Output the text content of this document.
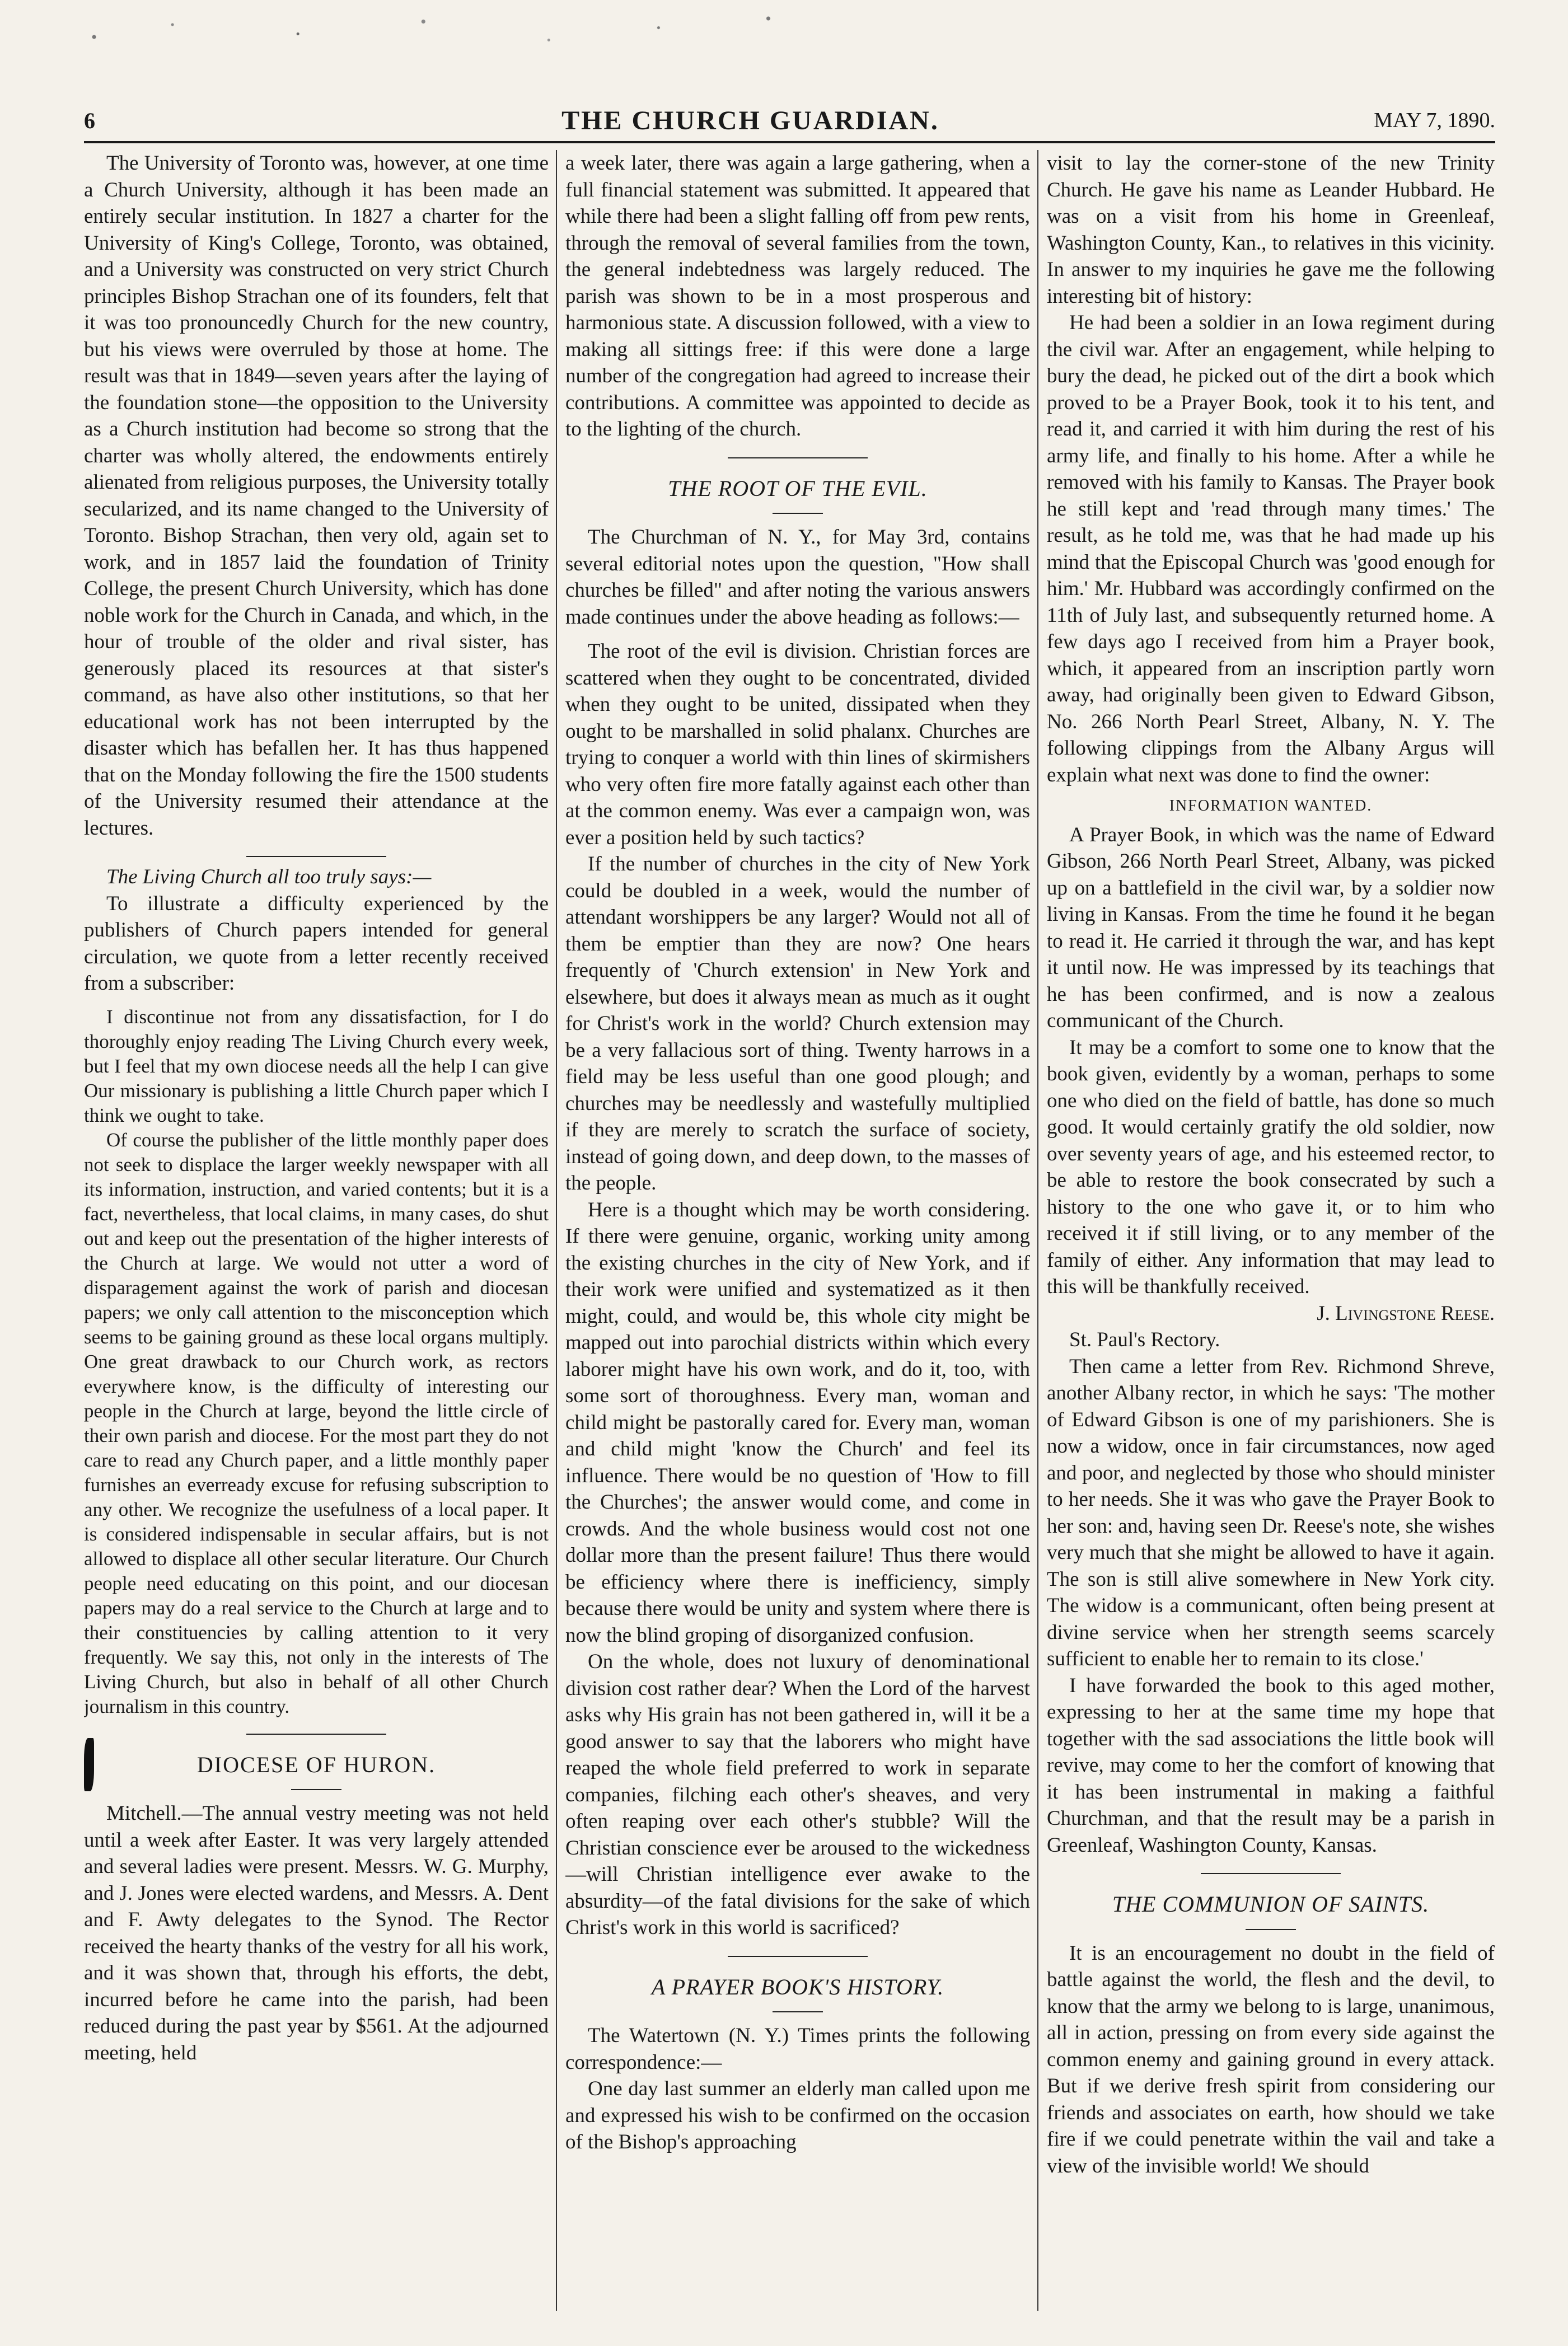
6	THE CHURCH GUARDIAN.	MAY 7, 1890.

The University of Toronto was, however, at one time a Church University, although it has been made an entirely secular institution. In 1827 a charter for the University of King's College, Toronto, was obtained, and a University was constructed on very strict Church principles Bishop Strachan one of its founders, felt that it was too pronouncedly Church for the new country, but his views were overruled by those at home. The result was that in 1849—seven years after the laying of the foundation stone—the opposition to the University as a Church institution had become so strong that the charter was wholly altered, the endowments entirely alienated from religious purposes, the University totally secularized, and its name changed to the University of Toronto. Bishop Strachan, then very old, again set to work, and in 1857 laid the foundation of Trinity College, the present Church University, which has done noble work for the Church in Canada, and which, in the hour of trouble of the older and rival sister, has generously placed its resources at that sister's command, as have also other institutions, so that her educational work has not been interrupted by the disaster which has befallen her. It has thus happened that on the Monday following the fire the 1500 students of the University resumed their attendance at the lectures.

The Living Church all too truly says:—

To illustrate a difficulty experienced by the publishers of Church papers intended for general circulation, we quote from a letter recently received from a subscriber:

I discontinue not from any dissatisfaction, for I do thoroughly enjoy reading The Living Church every week, but I feel that my own diocese needs all the help I can give Our missionary is publishing a little Church paper which I think we ought to take.

Of course the publisher of the little monthly paper does not seek to displace the larger weekly newspaper with all its information, instruction, and varied contents; but it is a fact, nevertheless, that local claims, in many cases, do shut out and keep out the presentation of the higher interests of the Church at large. We would not utter a word of disparagement against the work of parish and diocesan papers; we only call attention to the misconception which seems to be gaining ground as these local organs multiply. One great drawback to our Church work, as rectors everywhere know, is the difficulty of interesting our people in the Church at large, beyond the little circle of their own parish and diocese. For the most part they do not care to read any Church paper, and a little monthly paper furnishes an everready excuse for refusing subscription to any other. We recognize the usefulness of a local paper. It is considered indispensable in secular affairs, but is not allowed to displace all other secular literature. Our Church people need educating on this point, and our diocesan papers may do a real service to the Church at large and to their constituencies by calling attention to it very frequently. We say this, not only in the interests of The Living Church, but also in behalf of all other Church journalism in this country.

DIOCESE OF HURON.

Mitchell.—The annual vestry meeting was not held until a week after Easter. It was very largely attended and several ladies were present. Messrs. W. G. Murphy, and J. Jones were elected wardens, and Messrs. A. Dent and F. Awty delegates to the Synod. The Rector received the hearty thanks of the vestry for all his work, and it was shown that, through his efforts, the debt, incurred before he came into the parish, had been reduced during the past year by $561. At the adjourned meeting, held

a week later, there was again a large gathering, when a full financial statement was submitted. It appeared that while there had been a slight falling off from pew rents, through the removal of several families from the town, the general indebtedness was largely reduced. The parish was shown to be in a most prosperous and harmonious state. A discussion followed, with a view to making all sittings free: if this were done a large number of the congregation had agreed to increase their contributions. A committee was appointed to decide as to the lighting of the church.

THE ROOT OF THE EVIL.

The Churchman of N. Y., for May 3rd, contains several editorial notes upon the question, "How shall churches be filled" and after noting the various answers made continues under the above heading as follows:—

The root of the evil is division. Christian forces are scattered when they ought to be concentrated, divided when they ought to be united, dissipated when they ought to be marshalled in solid phalanx. Churches are trying to conquer a world with thin lines of skirmishers who very often fire more fatally against each other than at the common enemy. Was ever a campaign won, was ever a position held by such tactics?

If the number of churches in the city of New York could be doubled in a week, would the number of attendant worshippers be any larger? Would not all of them be emptier than they are now? One hears frequently of 'Church extension' in New York and elsewhere, but does it always mean as much as it ought for Christ's work in the world? Church extension may be a very fallacious sort of thing. Twenty harrows in a field may be less useful than one good plough; and churches may be needlessly and wastefully multiplied if they are merely to scratch the surface of society, instead of going down, and deep down, to the masses of the people.

Here is a thought which may be worth considering. If there were genuine, organic, working unity among the existing churches in the city of New York, and if their work were unified and systematized as it then might, could, and would be, this whole city might be mapped out into parochial districts within which every laborer might have his own work, and do it, too, with some sort of thoroughness. Every man, woman and child might be pastorally cared for. Every man, woman and child might 'know the Church' and feel its influence. There would be no question of 'How to fill the Churches'; the answer would come, and come in crowds. And the whole business would cost not one dollar more than the present failure! Thus there would be efficiency where there is inefficiency, simply because there would be unity and system where there is now the blind groping of disorganized confusion.

On the whole, does not luxury of denominational division cost rather dear? When the Lord of the harvest asks why His grain has not been gathered in, will it be a good answer to say that the laborers who might have reaped the whole field preferred to work in separate companies, filching each other's sheaves, and very often reaping over each other's stubble? Will the Christian conscience ever be aroused to the wickedness—will Christian intelligence ever awake to the absurdity—of the fatal divisions for the sake of which Christ's work in this world is sacrificed?

A PRAYER BOOK'S HISTORY.

The Watertown (N. Y.) Times prints the following correspondence:—

One day last summer an elderly man called upon me and expressed his wish to be confirmed on the occasion of the Bishop's approaching

visit to lay the corner-stone of the new Trinity Church. He gave his name as Leander Hubbard. He was on a visit from his home in Greenleaf, Washington County, Kan., to relatives in this vicinity. In answer to my inquiries he gave me the following interesting bit of history:

He had been a soldier in an Iowa regiment during the civil war. After an engagement, while helping to bury the dead, he picked out of the dirt a book which proved to be a Prayer Book, took it to his tent, and read it, and carried it with him during the rest of his army life, and finally to his home. After a while he removed with his family to Kansas. The Prayer book he still kept and 'read through many times.' The result, as he told me, was that he had made up his mind that the Episcopal Church was 'good enough for him.' Mr. Hubbard was accordingly confirmed on the 11th of July last, and subsequently returned home. A few days ago I received from him a Prayer book, which, it appeared from an inscription partly worn away, had originally been given to Edward Gibson, No. 266 North Pearl Street, Albany, N. Y. The following clippings from the Albany Argus will explain what next was done to find the owner:

INFORMATION WANTED.

A Prayer Book, in which was the name of Edward Gibson, 266 North Pearl Street, Albany, was picked up on a battlefield in the civil war, by a soldier now living in Kansas. From the time he found it he began to read it. He carried it through the war, and has kept it until now. He was impressed by its teachings that he has been confirmed, and is now a zealous communicant of the Church.

It may be a comfort to some one to know that the book given, evidently by a woman, perhaps to some one who died on the field of battle, has done so much good. It would certainly gratify the old soldier, now over seventy years of age, and his esteemed rector, to be able to restore the book consecrated by such a history to the one who gave it, or to him who received it if still living, or to any member of the family of either. Any information that may lead to this will be thankfully received.

J. Livingstone Reese.

St. Paul's Rectory.

Then came a letter from Rev. Richmond Shreve, another Albany rector, in which he says: 'The mother of Edward Gibson is one of my parishioners. She is now a widow, once in fair circumstances, now aged and poor, and neglected by those who should minister to her needs. She it was who gave the Prayer Book to her son: and, having seen Dr. Reese's note, she wishes very much that she might be allowed to have it again. The son is still alive somewhere in New York city. The widow is a communicant, often being present at divine service when her strength seems scarcely sufficient to enable her to remain to its close.'

I have forwarded the book to this aged mother, expressing to her at the same time my hope that together with the sad associations the little book will revive, may come to her the comfort of knowing that it has been instrumental in making a faithful Churchman, and that the result may be a parish in Greenleaf, Washington County, Kansas.

THE COMMUNION OF SAINTS.

It is an encouragement no doubt in the field of battle against the world, the flesh and the devil, to know that the army we belong to is large, unanimous, all in action, pressing on from every side against the common enemy and gaining ground in every attack. But if we derive fresh spirit from considering our friends and associates on earth, how should we take fire if we could penetrate within the vail and take a view of the invisible world! We should
